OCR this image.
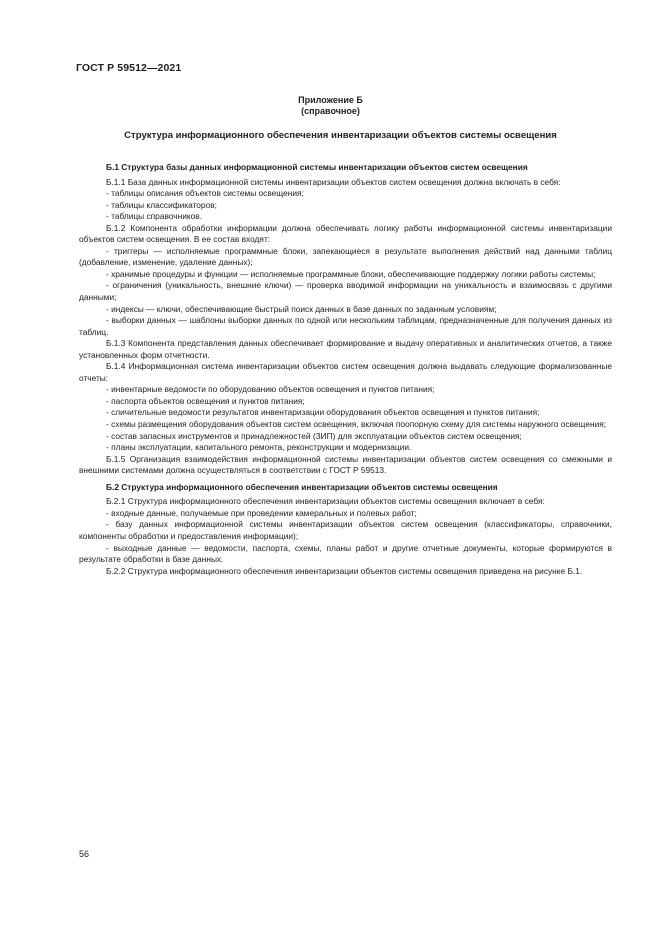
ГОСТ Р 59512—2021
Приложение Б
(справочное)
Структура информационного обеспечения инвентаризации объектов системы освещения

Б.1 Структура базы данных информационной системы инвентаризации объектов систем освещения

Б.1.1 База данных информационной системы инвентаризации объектов систем освещения должна включать в себя:

- таблицы описания объектов системы освещения;

- таблицы классификаторов;

- таблицы справочников.

Б.1.2 Компонента обработки информации должна обеспечивать логику работы информационной системы инвентаризации объектов систем освещения. В ее состав входят:

- триггеры — исполняемые программные блоки, запекающиеся в результате выполнения действий над данными таблиц (добавление, изменение, удаление данных);

- хранимые процедуры и функции — исполняемые программные блоки, обеспечивающие поддержку логики работы системы;

- ограничения (уникальность, внешние ключи) — проверка вводимой информации на уникальность и взаимосвязь с другими данными;

- индексы — ключи, обеспечивающие быстрый поиск данных в базе данных по заданным условиям;

- выборки данных — шаблоны выборки данных по одной или нескольким таблицам, предназначенные для получения данных из таблиц.

Б.1.3 Компонента представления данных обеспечивает формирование и выдачу оперативных и аналитических отчетов, а также установленных форм отчетности.

Б.1.4 Информационная система инвентаризации объектов систем освещения должна выдавать следующие формализованные отчеты:

- инвентарные ведомости по оборудованию объектов освещения и пунктов питания;

- паспорта объектов освещения и пунктов питания;

- сличительные ведомости результатов инвентаризации оборудования объектов освещения и пунктов питания;

- схемы размещения оборудования объектов систем освещения, включая поопорную схему для системы наружного освещения;

- состав запасных инструментов и принадлежностей (ЗИП) для эксплуатации объектов систем освещения;

- планы эксплуатации, капитального ремонта, реконструкции и модернизации.

Б.1.5 Организация взаимодействия информационной системы инвентаризации объектов систем освещения со смежными и внешними системами должна осуществляться в соответствии с ГОСТ Р 59513.

Б.2 Структура информационного обеспечения инвентаризации объектов системы освещения

Б.2.1 Структура информационного обеспечения инвентаризации объектов системы освещения включает в себя:

- входные данные, получаемые при проведении камеральных и полевых работ;

- базу данных информационной системы инвентаризации объектов систем освещения (классификаторы, справочники, компоненты обработки и предоставления информации);

- выходные данные — ведомости, паспорта, схемы, планы работ и другие отчетные документы, которые формируются в результате обработки в базе данных.

Б.2.2 Структура информационного обеспечения инвентаризации объектов системы освещения приведена на рисунке Б.1.

56
